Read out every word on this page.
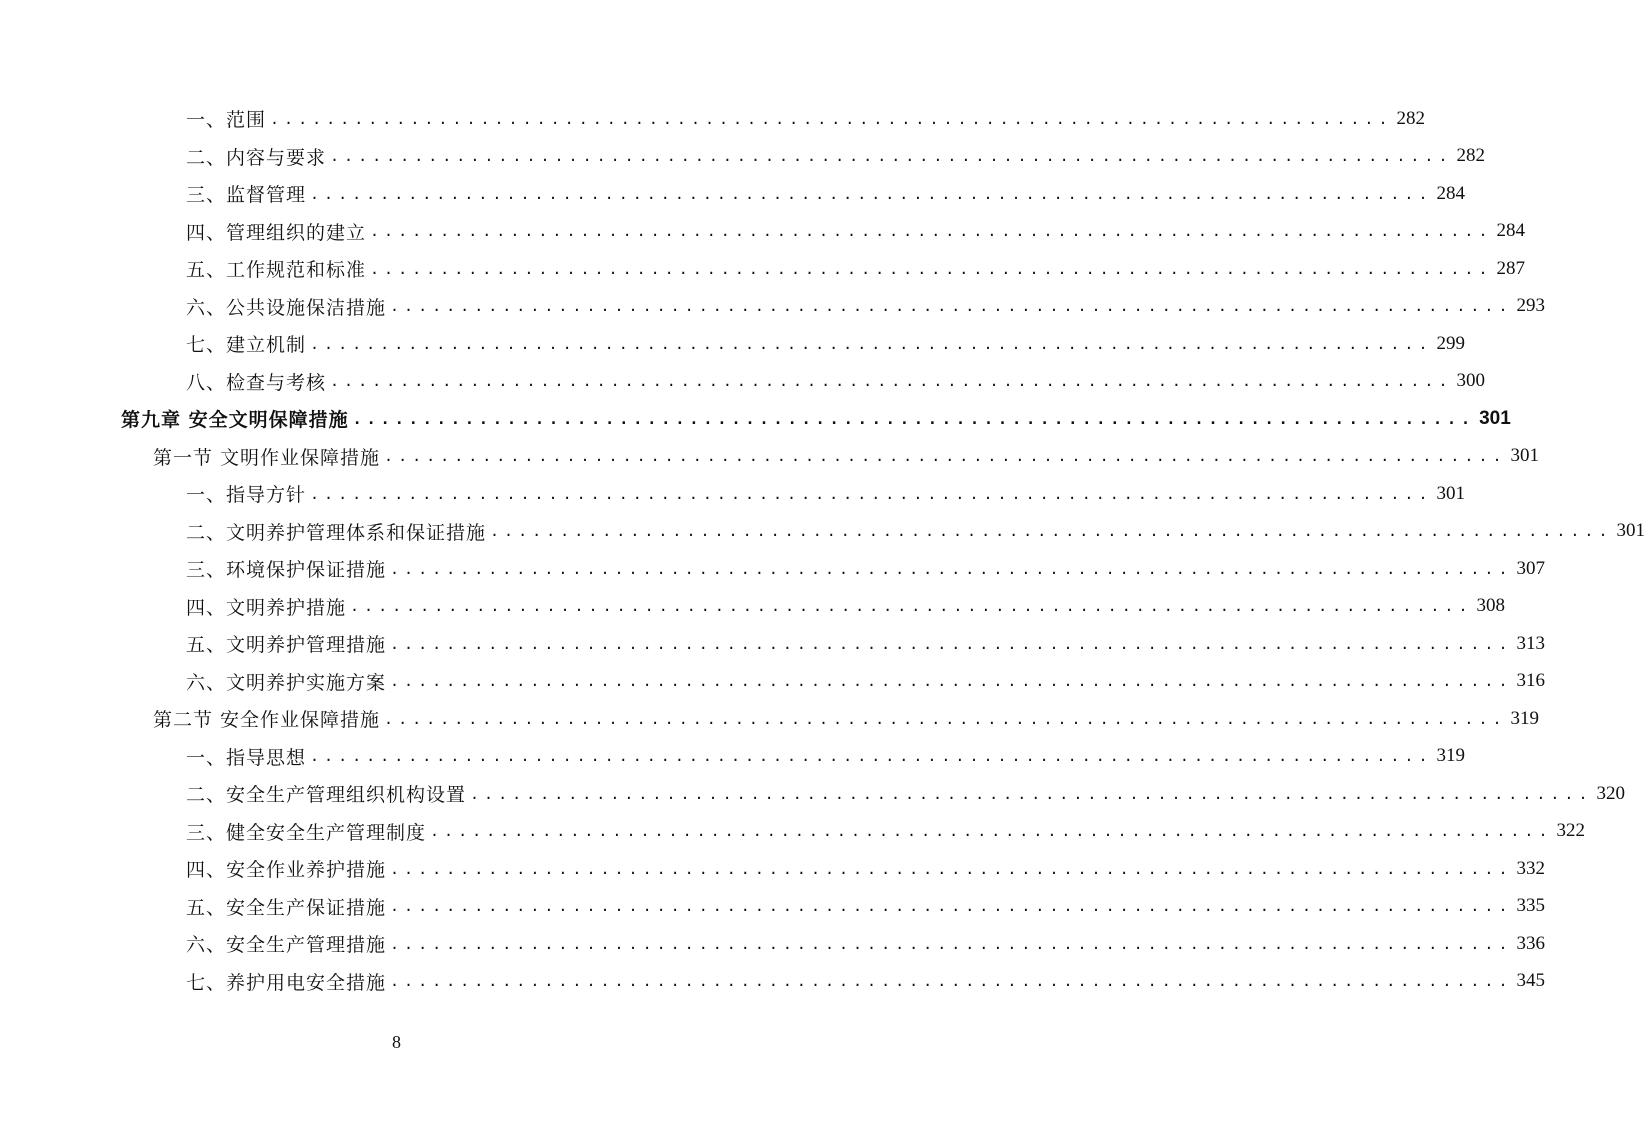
一、范围 ................................................................................ 282
二、内容与要求 ................................................................................ 282
三、监督管理 ................................................................................ 284
四、管理组织的建立 ................................................................................ 284
五、工作规范和标准 ................................................................................ 287
六、公共设施保洁措施 ................................................................................ 293
七、建立机制 ................................................................................ 299
八、检查与考核 ................................................................................ 300
第九章 安全文明保障措施 ................................................................................ 301
第一节 文明作业保障措施 ................................................................................ 301
一、指导方针 ................................................................................ 301
二、文明养护管理体系和保证措施 ................................................................................ 301
三、环境保护保证措施 ................................................................................ 307
四、文明养护措施 ................................................................................ 308
五、文明养护管理措施 ................................................................................ 313
六、文明养护实施方案 ................................................................................ 316
第二节 安全作业保障措施 ................................................................................ 319
一、指导思想 ................................................................................ 319
二、安全生产管理组织机构设置 ................................................................................ 320
三、健全安全生产管理制度 ................................................................................ 322
四、安全作业养护措施 ................................................................................ 332
五、安全生产保证措施 ................................................................................ 335
六、安全生产管理措施 ................................................................................ 336
七、养护用电安全措施 ................................................................................ 345
8
